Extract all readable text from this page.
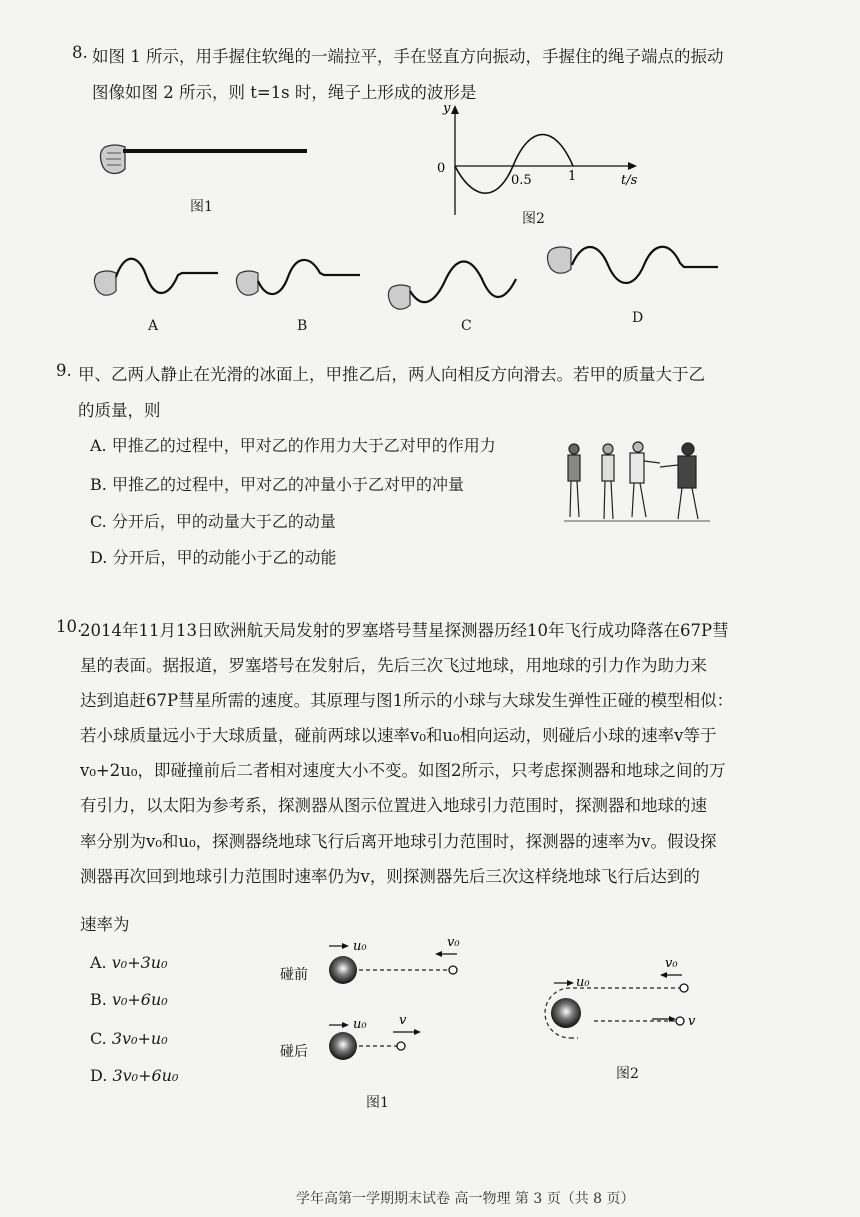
8. 如图 1 所示，用手握住软绳的一端拉平，手在竖直方向振动，手握住的绳子端点的振动
图像如图 2 所示，则 t=1s 时，绳子上形成的波形是
图1
y
0
0.5	1	t/s
图2
A	B	C	D
9. 甲、乙两人静止在光滑的冰面上，甲推乙后，两人向相反方向滑去。若甲的质量大于乙
的质量，则
A. 甲推乙的过程中，甲对乙的作用力大于乙对甲的作用力
B. 甲推乙的过程中，甲对乙的冲量小于乙对甲的冲量
C. 分开后，甲的动量大于乙的动量
D. 分开后，甲的动能小于乙的动能
10.
2014年11月13日欧洲航天局发射的罗塞塔号彗星探测器历经10年飞行成功降落在67P彗
星的表面。据报道，罗塞塔号在发射后，先后三次飞过地球，用地球的引力作为助力来
达到追赶67P彗星所需的速度。其原理与图1所示的小球与大球发生弹性正碰的模型相似：
若小球质量远小于大球质量，碰前两球以速率v₀和u₀相向运动，则碰后小球的速率v等于
v₀+2u₀，即碰撞前后二者相对速度大小不变。如图2所示，只考虑探测器和地球之间的万
有引力，以太阳为参考系，探测器从图示位置进入地球引力范围时，探测器和地球的速
率分别为v₀和u₀，探测器绕地球飞行后离开地球引力范围时，探测器的速率为v。假设探
测器再次回到地球引力范围时速率仍为v，则探测器先后三次这样绕地球飞行后达到的
速率为
A. v₀+3u₀
B. v₀+6u₀
C. 3v₀+u₀
D. 3v₀+6u₀
碰前
u₀	v₀
碰后
u₀ v
图1
u₀
v₀
v
图2
学年高第一学期期末试卷 高一物理 第 3 页（共 8 页）
